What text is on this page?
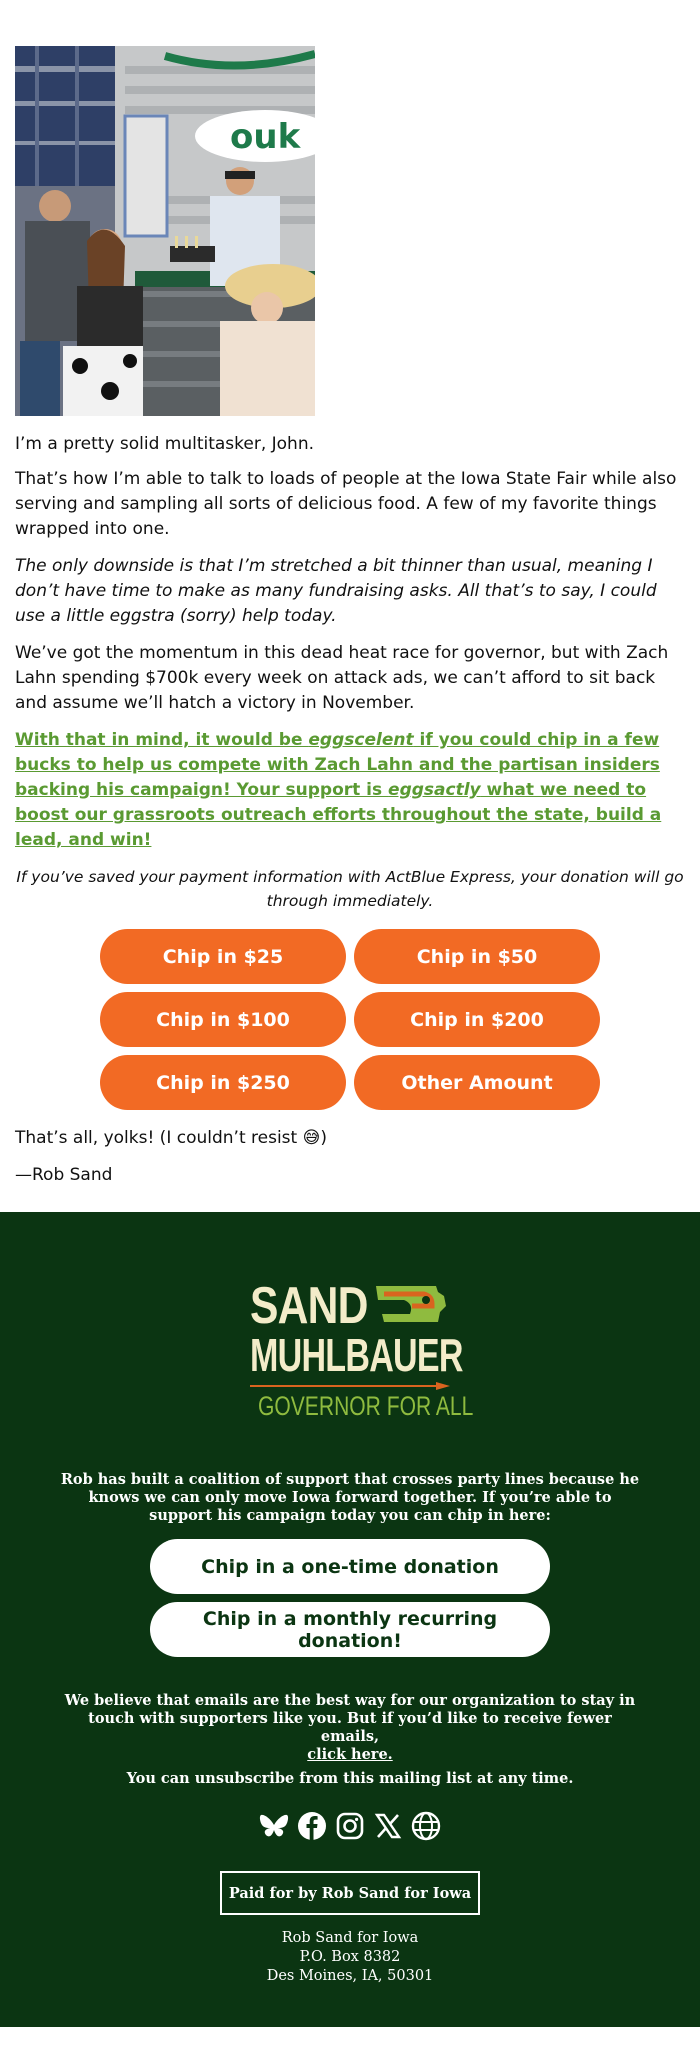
ouk

I’m a pretty solid multitasker, John.

That’s how I’m able to talk to loads of people at the Iowa State Fair while also serving and sampling all sorts of delicious food. A few of my favorite things wrapped into one.

The only downside is that I’m stretched a bit thinner than usual, meaning I don’t have time to make as many fundraising asks. All that’s to say, I could use a little eggstra (sorry) help today.

We’ve got the momentum in this dead heat race for governor, but with Zach Lahn spending $700k every week on attack ads, we can’t afford to sit back and assume we’ll hatch a victory in November.

With that in mind, it would be eggscelent if you could chip in a few bucks to help us compete with Zach Lahn and the partisan insiders backing his campaign! Your support is eggsactly what we need to boost our grassroots outreach efforts throughout the state, build a lead, and win!

If you’ve saved your payment information with ActBlue Express, your donation will go through immediately.

Chip in $25	Chip in $50
Chip in $100	Chip in $200
Chip in $250	Other Amount

That’s all, yolks! (I couldn’t resist 😅)

—Rob Sand

SAND
MUHLBAUER
GOVERNOR FOR ALL
Rob has built a coalition of support that crosses party lines because he knows we can only move Iowa forward together. If you’re able to support his campaign today you can chip in here:
Chip in a one-time donation
Chip in a monthly recurring donation!
We believe that emails are the best way for our organization to stay in touch with supporters like you. But if you’d like to receive fewer emails,
click here.
You can unsubscribe from this mailing list at any time.
Paid for by Rob Sand for Iowa
Rob Sand for Iowa
P.O. Box 8382
Des Moines, IA, 50301
